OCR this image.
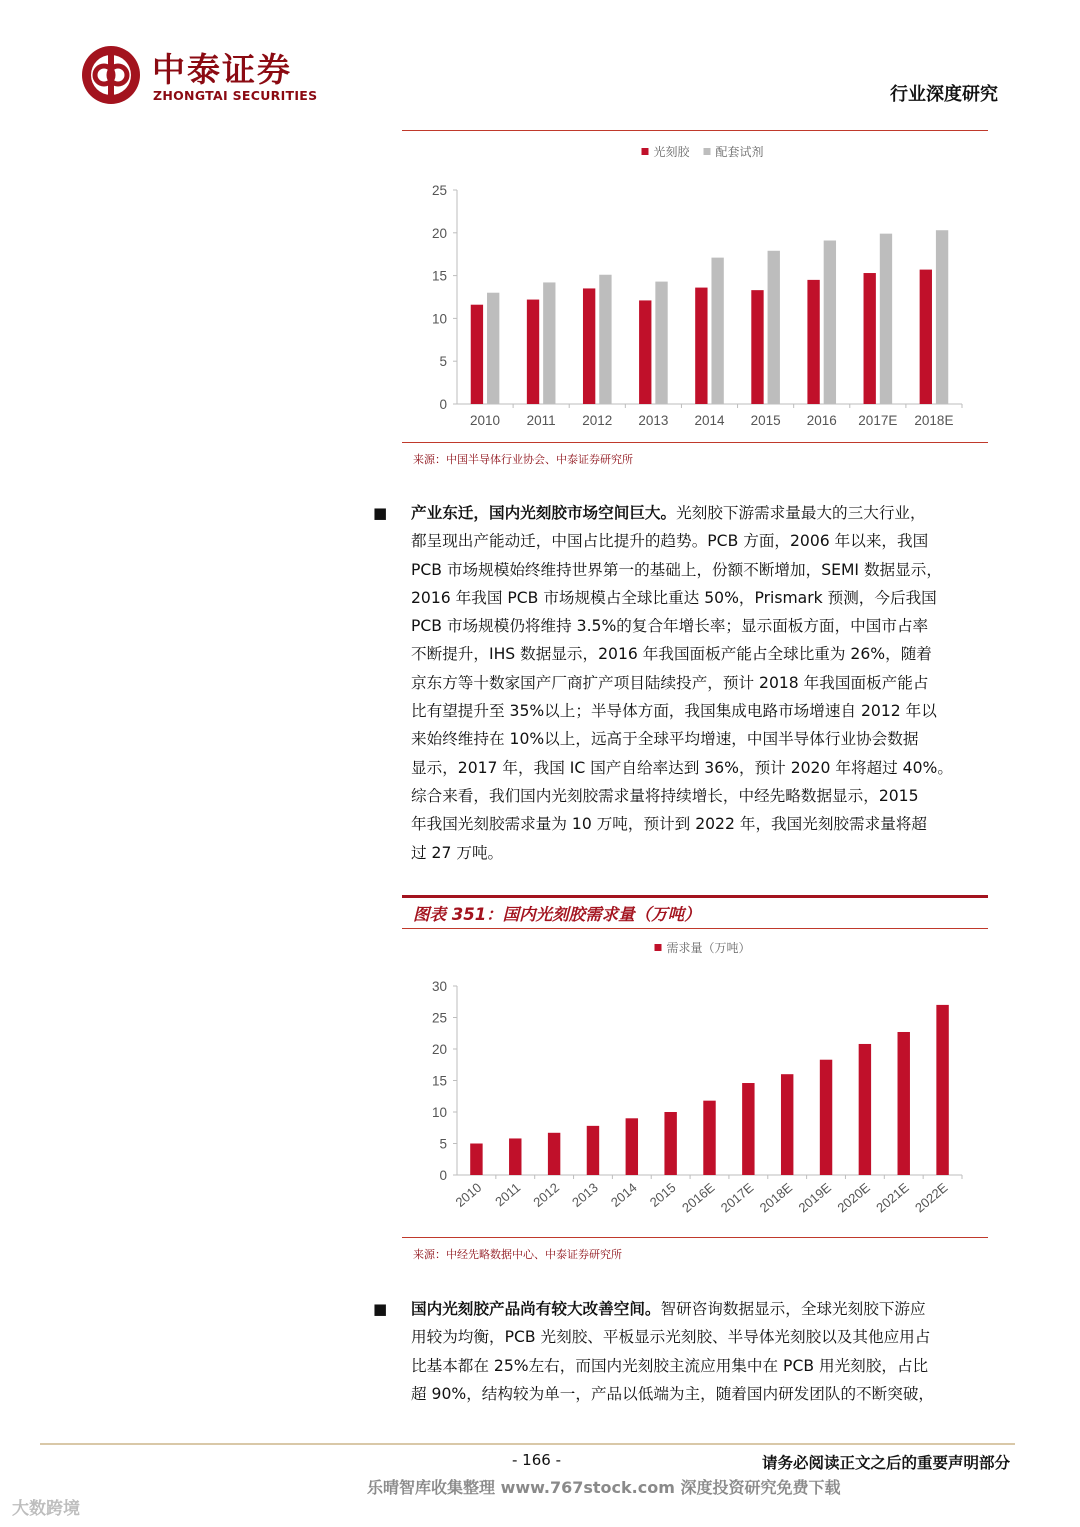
中泰证券
ZHONGTAI SECURITIES	行业深度研究
光刻胶 配套试剂
0
5
10
15
20
25
2010 2011 2012 2013 2014 2015 2016 2017E 2018E
来源：中国半导体行业协会、中泰证券研究所
■ 产业东迁，国内光刻胶市场空间巨大。光刻胶下游需求量最大的三大行业，
都呈现出产能动迁，中国占比提升的趋势。PCB 方面，2006 年以来，我国
PCB 市场规模始终维持世界第一的基础上，份额不断增加，SEMI 数据显示，
2016 年我国 PCB 市场规模占全球比重达 50%，Prismark 预测，今后我国
PCB 市场规模仍将维持 3.5%的复合年增长率；显示面板方面，中国市占率
不断提升，IHS 数据显示，2016 年我国面板产能占全球比重为 26%，随着
京东方等十数家国产厂商扩产项目陆续投产，预计 2018 年我国面板产能占
比有望提升至 35%以上；半导体方面，我国集成电路市场增速自 2012 年以
来始终维持在 10%以上，远高于全球平均增速，中国半导体行业协会数据
显示，2017 年，我国 IC 国产自给率达到 36%，预计 2020 年将超过 40%。
综合来看，我们国内光刻胶需求量将持续增长，中经先略数据显示，2015
年我国光刻胶需求量为 10 万吨，预计到 2022 年，我国光刻胶需求量将超
过 27 万吨。
图表 351：国内光刻胶需求量（万吨）
需求量（万吨）
0
5
10
15
20
25
30
2010 2011 2012 2013 2014 2015 2016E 2017E 2018E 2019E 2020E 2021E 2022E
来源：中经先略数据中心、中泰证券研究所
■ 国内光刻胶产品尚有较大改善空间。智研咨询数据显示，全球光刻胶下游应
用较为均衡，PCB 光刻胶、平板显示光刻胶、半导体光刻胶以及其他应用占
比基本都在 25%左右，而国内光刻胶主流应用集中在 PCB 用光刻胶，占比
超 90%，结构较为单一，产品以低端为主，随着国内研发团队的不断突破，
- 166 -	请务必阅读正文之后的重要声明部分
乐晴智库收集整理 www.767stock.com 深度投资研究免费下载
大数跨境
